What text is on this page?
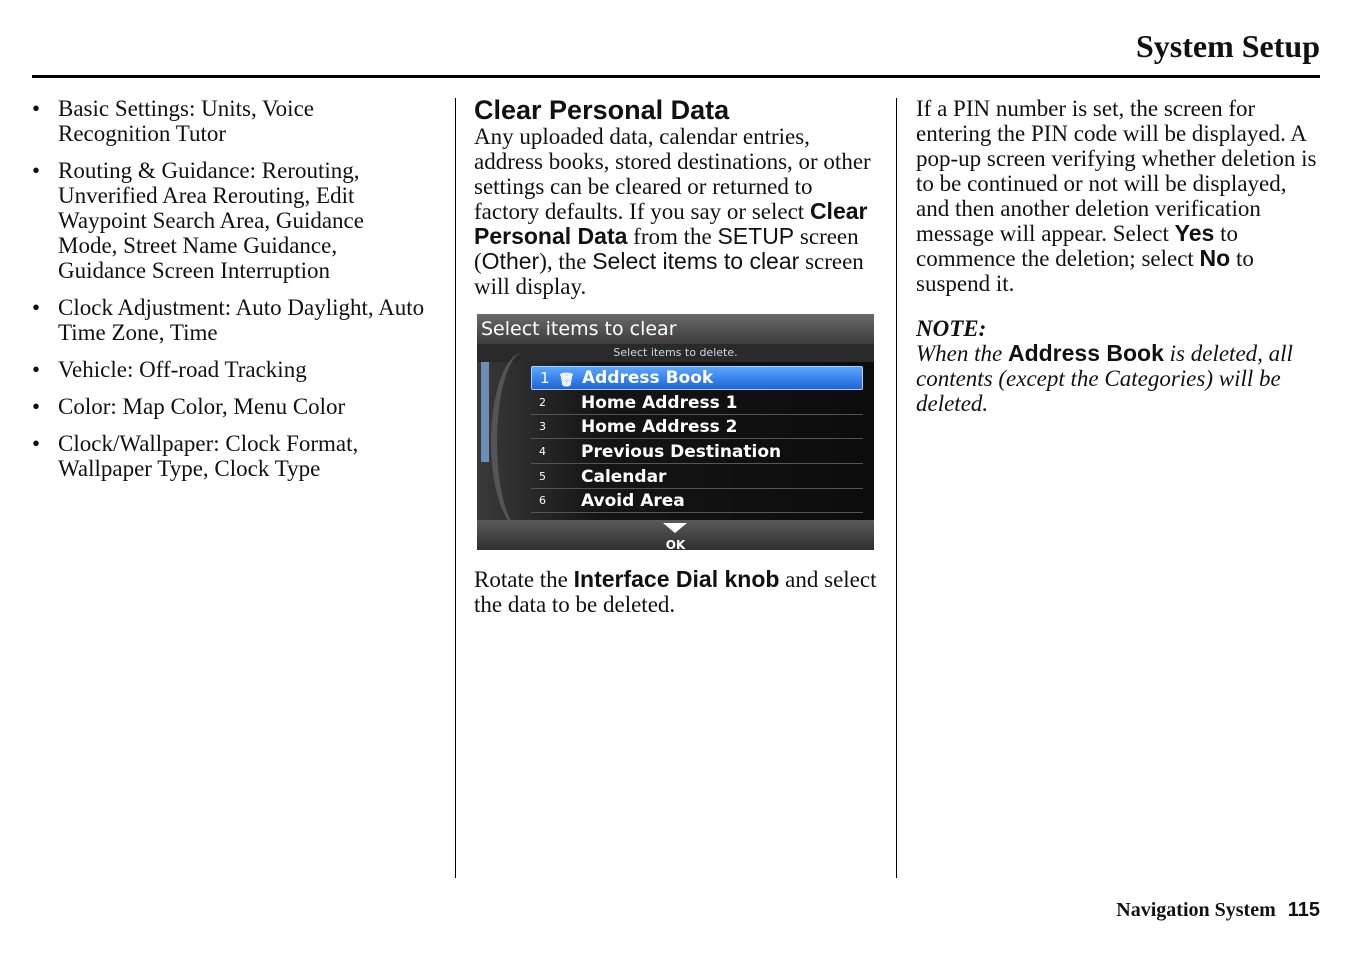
System Setup
• Basic Settings: Units, Voice Recognition Tutor
• Routing & Guidance: Rerouting, Unverified Area Rerouting, Edit Waypoint Search Area, Guidance Mode, Street Name Guidance, Guidance Screen Interruption
• Clock Adjustment: Auto Daylight, Auto Time Zone, Time
• Vehicle: Off-road Tracking
• Color: Map Color, Menu Color
• Clock/Wallpaper: Clock Format, Wallpaper Type, Clock Type
Clear Personal Data

Any uploaded data, calendar entries, address books, stored destinations, or other settings can be cleared or returned to factory defaults. If you say or select Clear Personal Data from the SETUP screen (Other), the Select items to clear screen will display.

Select items to clear
Select items to delete.
1 🗑 Address Book
2	Home Address 1
3	Home Address 2
4	Previous Destination
5	Calendar
6	Avoid Area
OK

Rotate the Interface Dial knob and select the data to be deleted.

If a PIN number is set, the screen for entering the PIN code will be displayed. A pop-up screen verifying whether deletion is to be continued or not will be displayed, and then another deletion verification message will appear. Select Yes to commence the deletion; select No to suspend it.

NOTE:

When the Address Book is deleted, all contents (except the Categories) will be deleted.

Navigation System 115
